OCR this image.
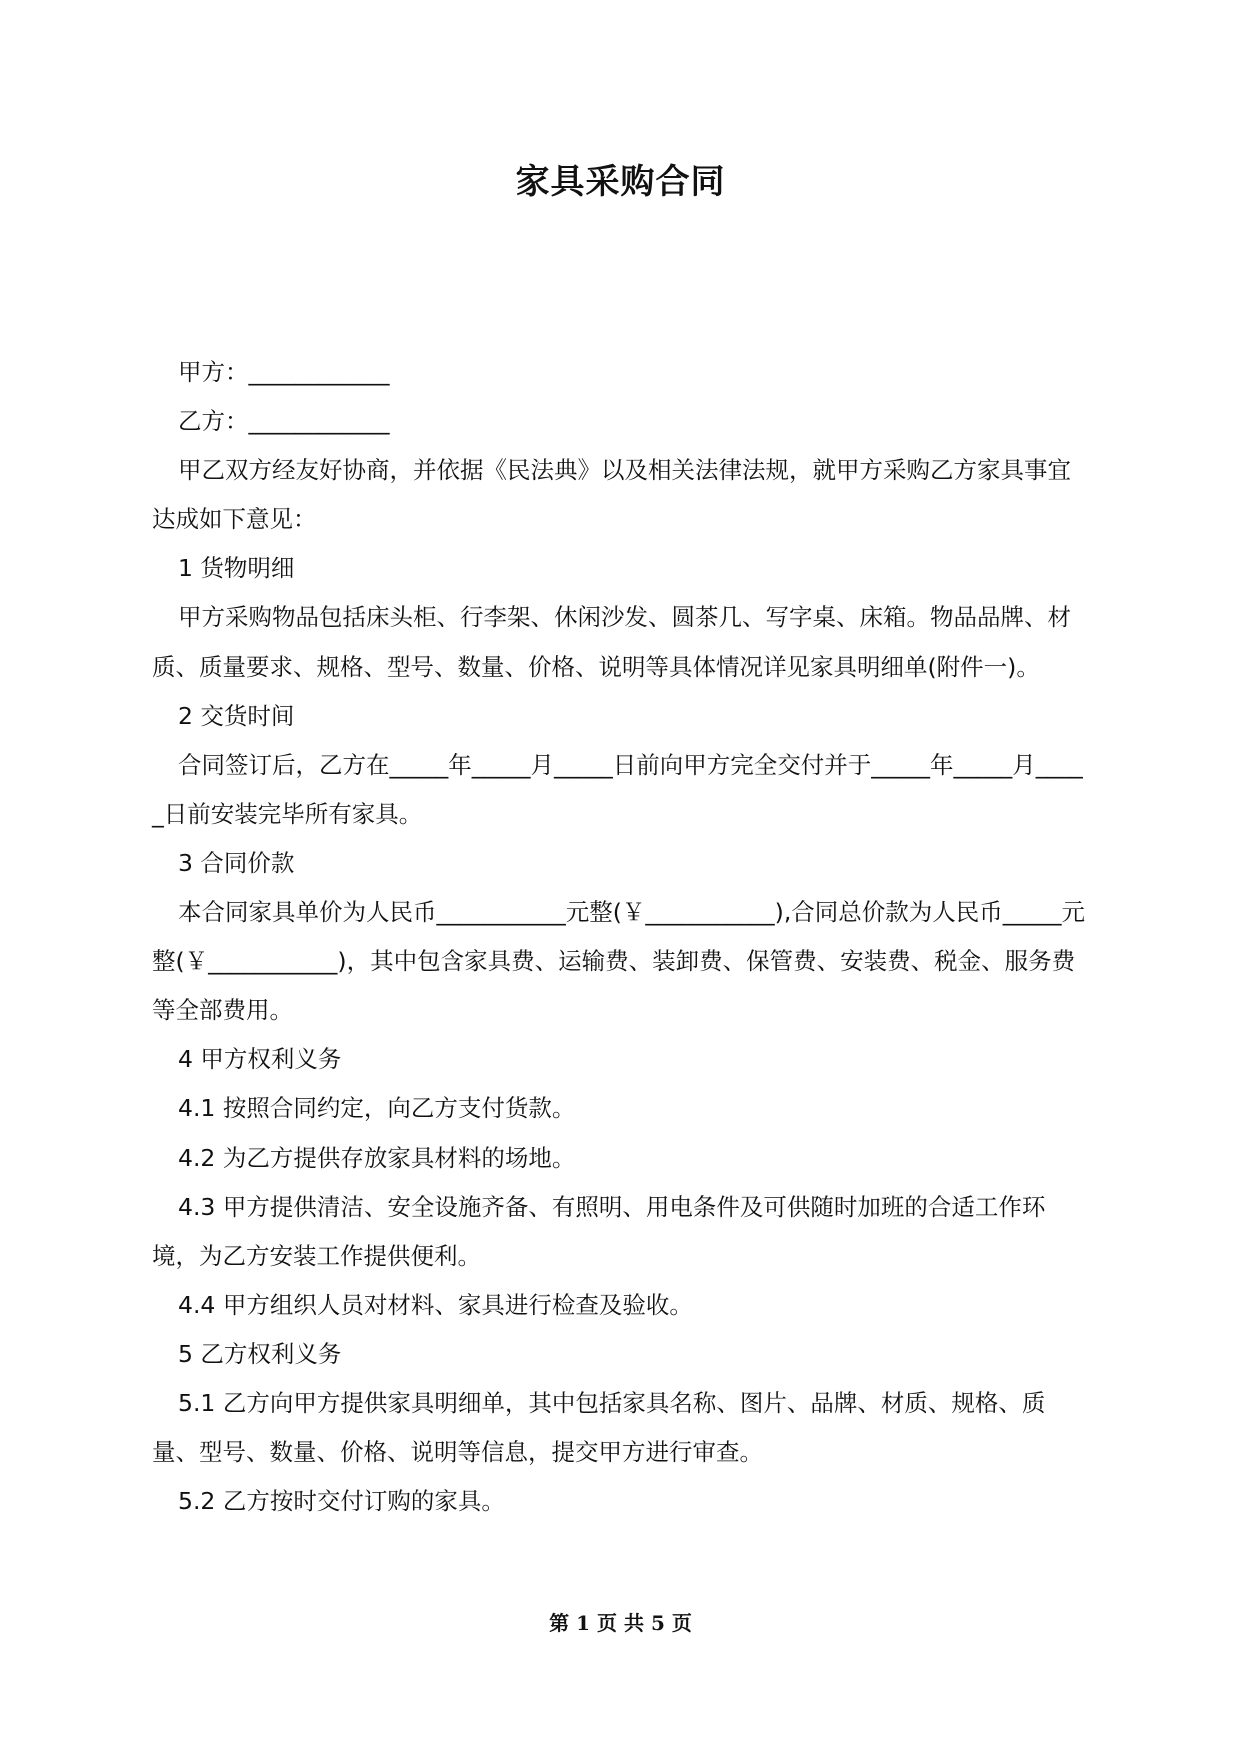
家具采购合同

甲方：____________

乙方：____________

甲乙双方经友好协商，并依据《民法典》以及相关法律法规，就甲方采购乙方家具事宜达成如下意见：

1 货物明细

甲方采购物品包括床头柜、行李架、休闲沙发、圆茶几、写字桌、床箱。物品品牌、材质、质量要求、规格、型号、数量、价格、说明等具体情况详见家具明细单(附件一)。

2 交货时间

合同签订后，乙方在_____年_____月_____日前向甲方完全交付并于_____年_____月_____日前安装完毕所有家具。

3 合同价款

本合同家具单价为人民币___________元整(￥___________),合同总价款为人民币_____元整(￥___________)，其中包含家具费、运输费、装卸费、保管费、安装费、税金、服务费等全部费用。

4 甲方权利义务

4.1 按照合同约定，向乙方支付货款。

4.2 为乙方提供存放家具材料的场地。

4.3 甲方提供清洁、安全设施齐备、有照明、用电条件及可供随时加班的合适工作环境，为乙方安装工作提供便利。

4.4 甲方组织人员对材料、家具进行检查及验收。

5 乙方权利义务

5.1 乙方向甲方提供家具明细单，其中包括家具名称、图片、品牌、材质、规格、质量、型号、数量、价格、说明等信息，提交甲方进行审查。

5.2 乙方按时交付订购的家具。

第 1 页 共 5 页
